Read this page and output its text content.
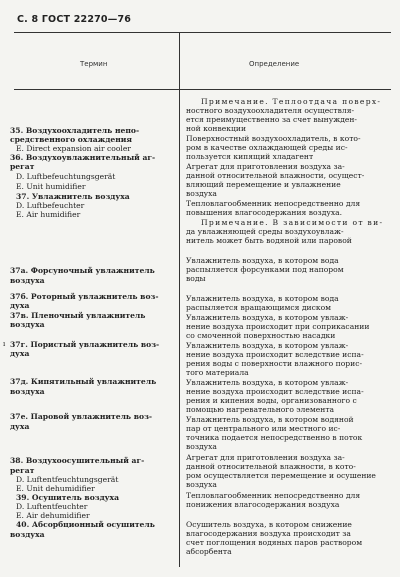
С. 8 ГОСТ 22270—76
Термин	Определение
35. Воздухоохладитель непо-
средственного охлаждения
E. Direct expansion air cooler
36. Воздухоувлажнительный аг-
регат
D. Luftbefeuchtungsgerät
E. Unit humidifier
37. Увлажнитель воздуха
D. Luftbefeuchter
E. Air humidifier
37а. Форсуночный увлажнитель
воздуха
37б. Роторный увлажнитель воз-
духа
37в. Пленочный увлажнитель
воздуха
37г. Пористый увлажнитель воз-
духа
37д. Кипятильный увлажнитель
воздуха
37е. Паровой увлажнитель воз-
духа
38. Воздухоосушительный аг-
регат
D. Luftentfeuchtungsgerät
E. Unit dehumidifier
39. Осушитель воздуха
D. Luftentfeuchter
E. Air dehumidifier
40. Абсорбционный осушитель
воздуха
Примечание. Теплоотдача поверх-
ностного воздухоохладителя осуществля-
ется преимущественно за счет вынужден-
ной конвекции
Поверхностный воздухоохладитель, в кото-
ром в качестве охлаждающей среды ис-
пользуется кипящий хладагент
Агрегат для приготовления воздуха за-
данной относительной влажности, осущест-
вляющий перемещение и увлажнение
воздуха
Тепловлагообменник непосредственно для
повышения влагосодержания воздуха.
Примечание. В зависимости от ви-
да увлажняющей среды воздухоувлаж-
нитель может быть водяной или паровой
Увлажнитель воздуха, в котором вода
распыляется форсунками под напором
воды
Увлажнитель воздуха, в котором вода
распыляется вращающимся диском
Увлажнитель воздуха, в котором увлаж-
нение воздуха происходит при соприкасании
со смоченной поверхностью насадки
Увлажнитель воздуха, в котором увлаж-
нение воздуха происходит вследствие испа-
рения воды с поверхности влажного порис-
того материала
Увлажнитель воздуха, в котором увлаж-
нение воздуха происходит вследствие испа-
рения и кипения воды, организованного с
помощью нагревательного элемента
Увлажнитель воздуха, в котором водяной
пар от центрального или местного ис-
точника подается непосредственно в поток
воздуха
Агрегат для приготовления воздуха за-
данной относительной влажности, в кото-
ром осуществляется перемещение и осушение
воздуха
Тепловлагообменник непосредственно для
понижения влагосодержания воздуха
Осушитель воздуха, в котором снижение
влагосодержания воздуха происходит за
счет поглощения водяных паров раствором
абсорбента
ı
